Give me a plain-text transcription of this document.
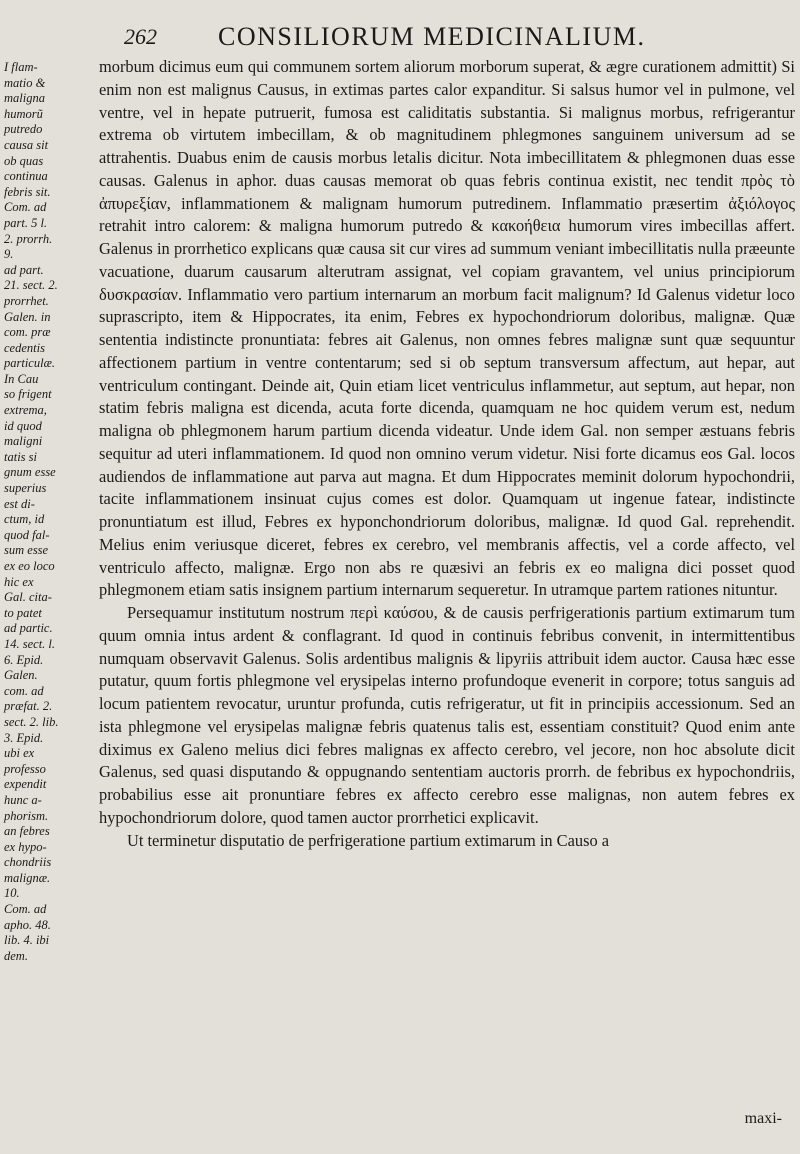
262 CONSILIORUM MEDICINALIUM.
I flam-
matio &
maligna
humorũ
putredo
causa sit
ob quas
continua
febris sit.
Com. ad
part. 5 l.
2. prorrh.
9.
ad part.
21. sect. 2.
prorrhet.
Galen. in
com. præ
cedentis
particulæ.
In Cau
so frigent
extrema,
id quod
maligni
tatis si
gnum esse
superius
est di-
ctum, id
quod fal-
sum esse
ex eo loco
hic ex
Gal. cita-
to patet
ad partic.
14. sect. l.
6. Epid.
Galen.
com. ad
præfat. 2.
sect. 2. lib.
3. Epid.
ubi ex
professo
expendit
hunc a-
phorism.
an febres
ex hypo-
chondriis
malignæ.
10.
Com. ad
apho. 48.
lib. 4. ibi
dem.

morbum dicimus eum qui communem sortem aliorum morborum superat, & ægre curationem admittit) Si enim non est malignus Causus, in extimas partes calor expanditur. Si salsus humor vel in pulmone, vel ventre, vel in hepate putruerit, fumosa est caliditatis substantia. Si malignus morbus, refrigerantur extrema ob virtutem imbecillam, & ob magnitudinem phlegmones sanguinem universum ad se attrahentis. Duabus enim de causis morbus letalis dicitur. Nota imbecillitatem & phlegmonen duas esse causas. Galenus in aphor. duas causas memorat ob quas febris continua existit, nec tendit πρὸς τὸ ἀπυρεξίαν, inflammationem & malignam humorum putredinem. Inflammatio præsertim ἀξιόλογος retrahit intro calorem: & maligna humorum putredo & κακοήθεια humorum vires imbecillas affert. Galenus in prorrhetico explicans quæ causa sit cur vires ad summum veniant imbecillitatis nulla præeunte vacuatione, duarum causarum alterutram assignat, vel copiam gravantem, vel unius principiorum δυσκρασίαν. Inflammatio vero partium internarum an morbum facit malignum? Id Galenus videtur loco suprascripto, item & Hippocrates, ita enim, Febres ex hypochondriorum doloribus, malignæ. Quæ sententia indistincte pronuntiata: febres ait Galenus, non omnes febres malignæ sunt quæ sequuntur affectionem partium in ventre contentarum; sed si ob septum transversum affectum, aut hepar, aut ventriculum contingant. Deinde ait, Quin etiam licet ventriculus inflammetur, aut septum, aut hepar, non statim febris maligna est dicenda, acuta forte dicenda, quamquam ne hoc quidem verum est, nedum maligna ob phlegmonem harum partium dicenda videatur. Unde idem Gal. non semper æstuans febris sequitur ad uteri inflammationem. Id quod non omnino verum videtur. Nisi forte dicamus eos Gal. locos audiendos de inflammatione aut parva aut magna. Et dum Hippocrates meminit dolorum hypochondrii, tacite inflammationem insinuat cujus comes est dolor. Quamquam ut ingenue fatear, indistincte pronuntiatum est illud, Febres ex hyponchondriorum doloribus, malignæ. Id quod Gal. reprehendit. Melius enim veriusque diceret, febres ex cerebro, vel membranis affectis, vel a corde affecto, vel ventriculo affecto, malignæ. Ergo non abs re quæsivi an febris ex eo maligna dici posset quod phlegmonem etiam satis insignem partium internarum sequeretur. In utramque partem rationes nituntur.

Persequamur institutum nostrum περὶ καύσου, & de causis perfrigerationis partium extimarum tum quum omnia intus ardent & conflagrant. Id quod in continuis febribus convenit, in intermittentibus numquam observavit Galenus. Solis ardentibus malignis & lipyriis attribuit idem auctor. Causa hæc esse putatur, quum fortis phlegmone vel erysipelas interno profundoque evenerit in corpore; totus sanguis ad locum patientem revocatur, uruntur profunda, cutis refrigeratur, ut fit in principiis accessionum. Sed an ista phlegmone vel erysipelas malignæ febris quatenus talis est, essentiam constituit? Quod enim ante diximus ex Galeno melius dici febres malignas ex affecto cerebro, vel jecore, non hoc absolute dicit Galenus, sed quasi disputando & oppugnando sententiam auctoris prorrh. de febribus ex hypochondriis, probabilius esse ait pronuntiare febres ex affecto cerebro esse malignas, non autem febres ex hypochondriorum dolore, quod tamen auctor prorrhetici explicavit.

Ut terminetur disputatio de perfrigeratione partium extimarum in Causo a

maxi-
